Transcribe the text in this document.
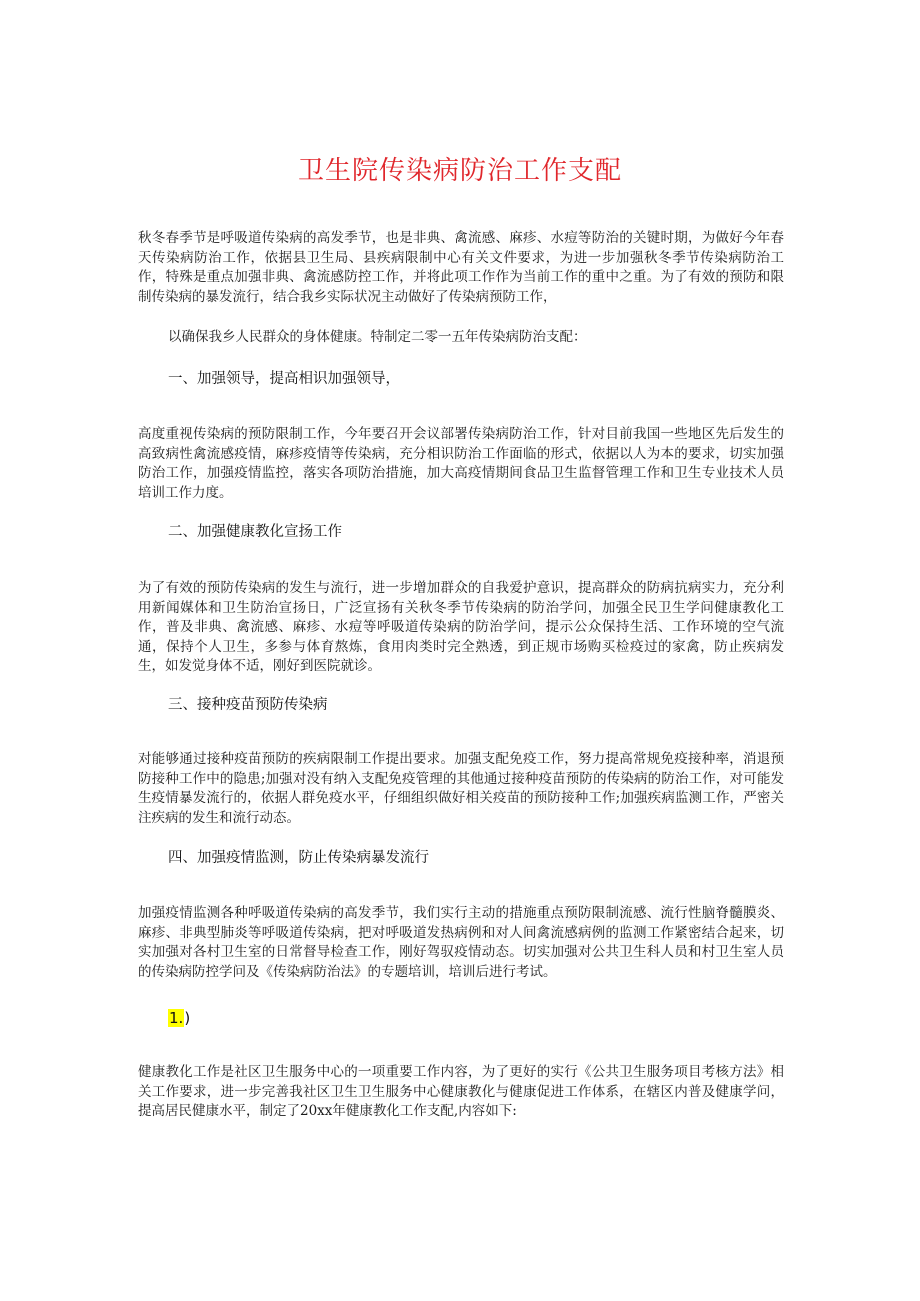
卫生院传染病防治工作支配

秋冬春季节是呼吸道传染病的高发季节，也是非典、禽流感、麻疹、水痘等防治的关键时期，为做好今年春天传染病防治工作，依据县卫生局、县疾病限制中心有关文件要求，为进一步加强秋冬季节传染病防治工作，特殊是重点加强非典、禽流感防控工作，并将此项工作作为当前工作的重中之重。为了有效的预防和限制传染病的暴发流行，结合我乡实际状况主动做好了传染病预防工作，

以确保我乡人民群众的身体健康。特制定二零一五年传染病防治支配：

一、加强领导，提高相识加强领导，

高度重视传染病的预防限制工作，今年要召开会议部署传染病防治工作，针对目前我国一些地区先后发生的高致病性禽流感疫情，麻疹疫情等传染病，充分相识防治工作面临的形式，依据以人为本的要求，切实加强防治工作，加强疫情监控，落实各项防治措施，加大高疫情期间食品卫生监督管理工作和卫生专业技术人员培训工作力度。

二、加强健康教化宣扬工作

为了有效的预防传染病的发生与流行，进一步增加群众的自我爱护意识，提高群众的防病抗病实力，充分利用新闻媒体和卫生防治宣扬日，广泛宣扬有关秋冬季节传染病的防治学问，加强全民卫生学问健康教化工作，普及非典、禽流感、麻疹、水痘等呼吸道传染病的防治学问，提示公众保持生活、工作环境的空气流通，保持个人卫生，多参与体育熬炼，食用肉类时完全熟透，到正规市场购买检疫过的家禽，防止疾病发生，如发觉身体不适，刚好到医院就诊。

三、接种疫苗预防传染病

对能够通过接种疫苗预防的疾病限制工作提出要求。加强支配免疫工作，努力提高常规免疫接种率，消退预防接种工作中的隐患;加强对没有纳入支配免疫管理的其他通过接种疫苗预防的传染病的防治工作，对可能发生疫情暴发流行的，依据人群免疫水平，仔细组织做好相关疫苗的预防接种工作;加强疾病监测工作，严密关注疾病的发生和流行动态。

四、加强疫情监测，防止传染病暴发流行

加强疫情监测各种呼吸道传染病的高发季节，我们实行主动的措施重点预防限制流感、流行性脑脊髓膜炎、麻疹、非典型肺炎等呼吸道传染病，把对呼吸道发热病例和对人间禽流感病例的监测工作紧密结合起来，切实加强对各村卫生室的日常督导检查工作，刚好驾驭疫情动态。切实加强对公共卫生科人员和村卫生室人员的传染病防控学问及《传染病防治法》的专题培训，培训后进行考试。

1.)

健康教化工作是社区卫生服务中心的一项重要工作内容，为了更好的实行《公共卫生服务项目考核方法》相关工作要求，进一步完善我社区卫生卫生服务中心健康教化与健康促进工作体系，在辖区内普及健康学问，提高居民健康水平，制定了20xx年健康教化工作支配,内容如下:
